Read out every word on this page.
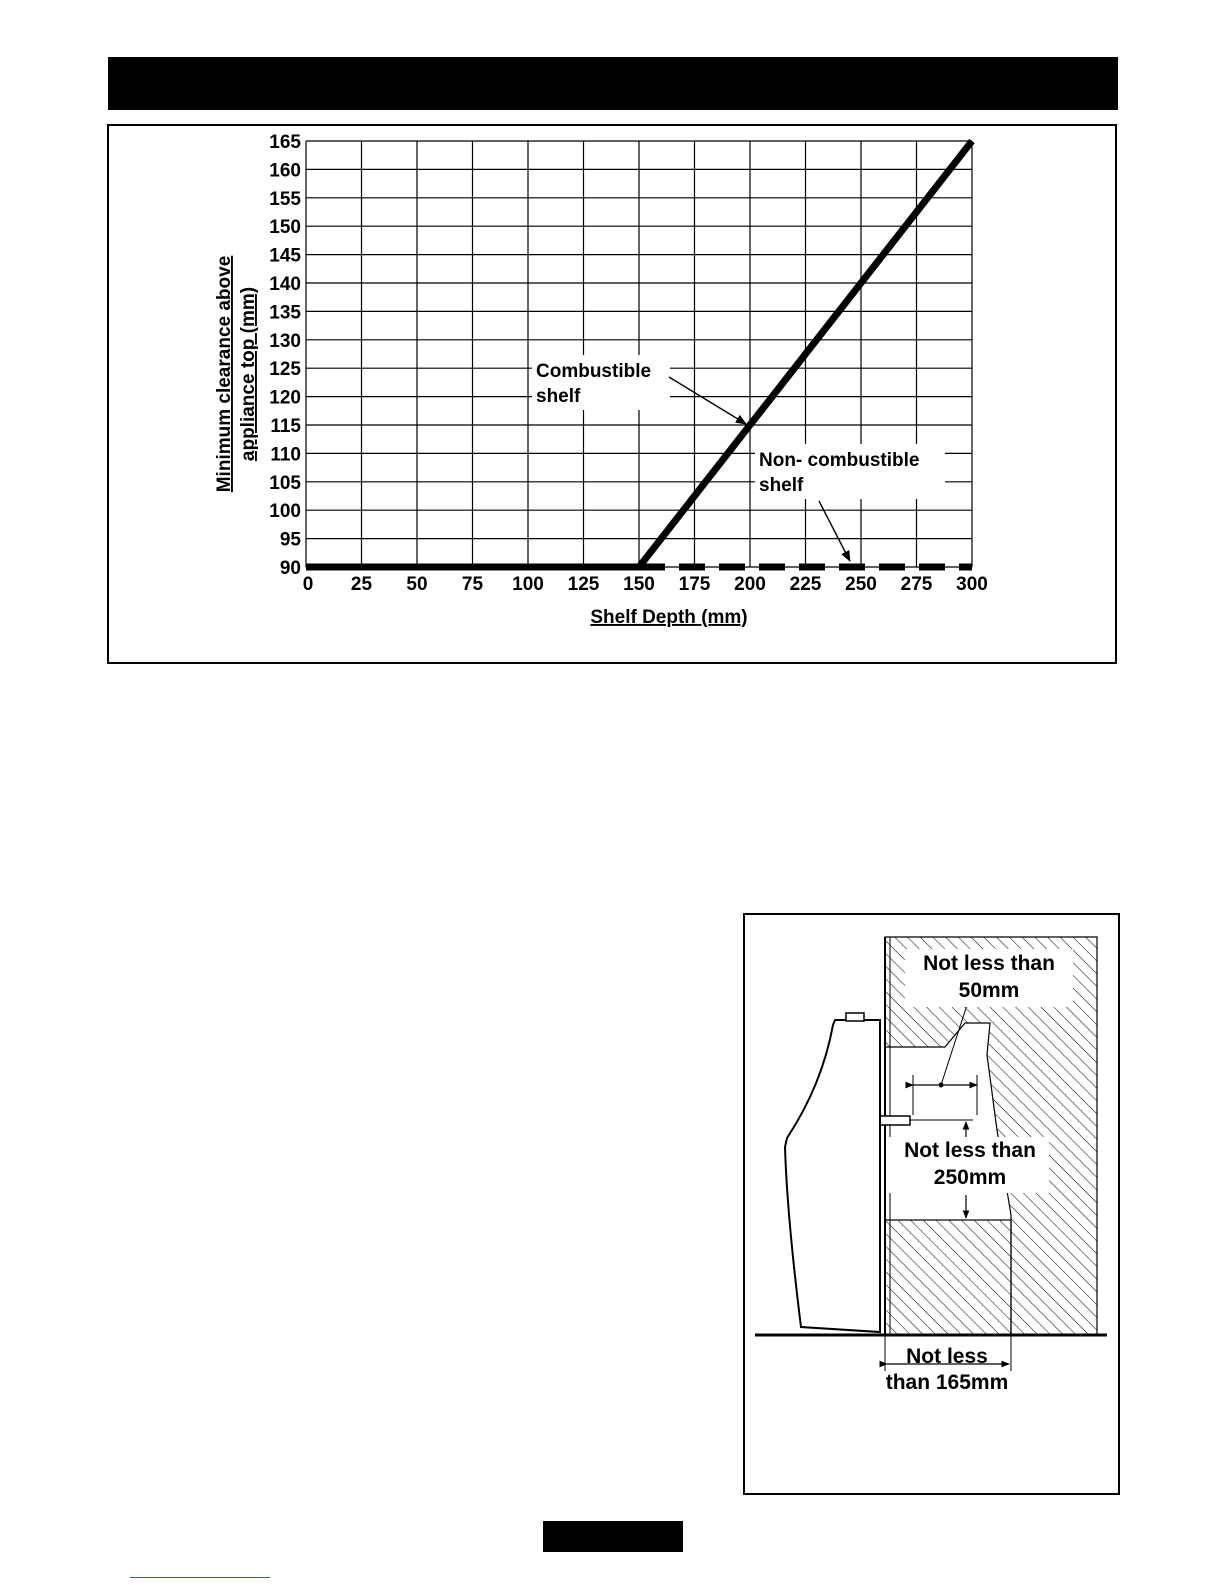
Combustible
shelf
Non- combustible
shelf
0 25 50 75 100 125 150 175 200 225 250 275 300
90
95
100
105
110
115
120
125
130
135
140
145
150
155
160
165
Shelf Depth (mm)
Minimum clearance above appliance top (mm)
Not less than
50mm
Not less than
250mm
Not less
than 165mm
